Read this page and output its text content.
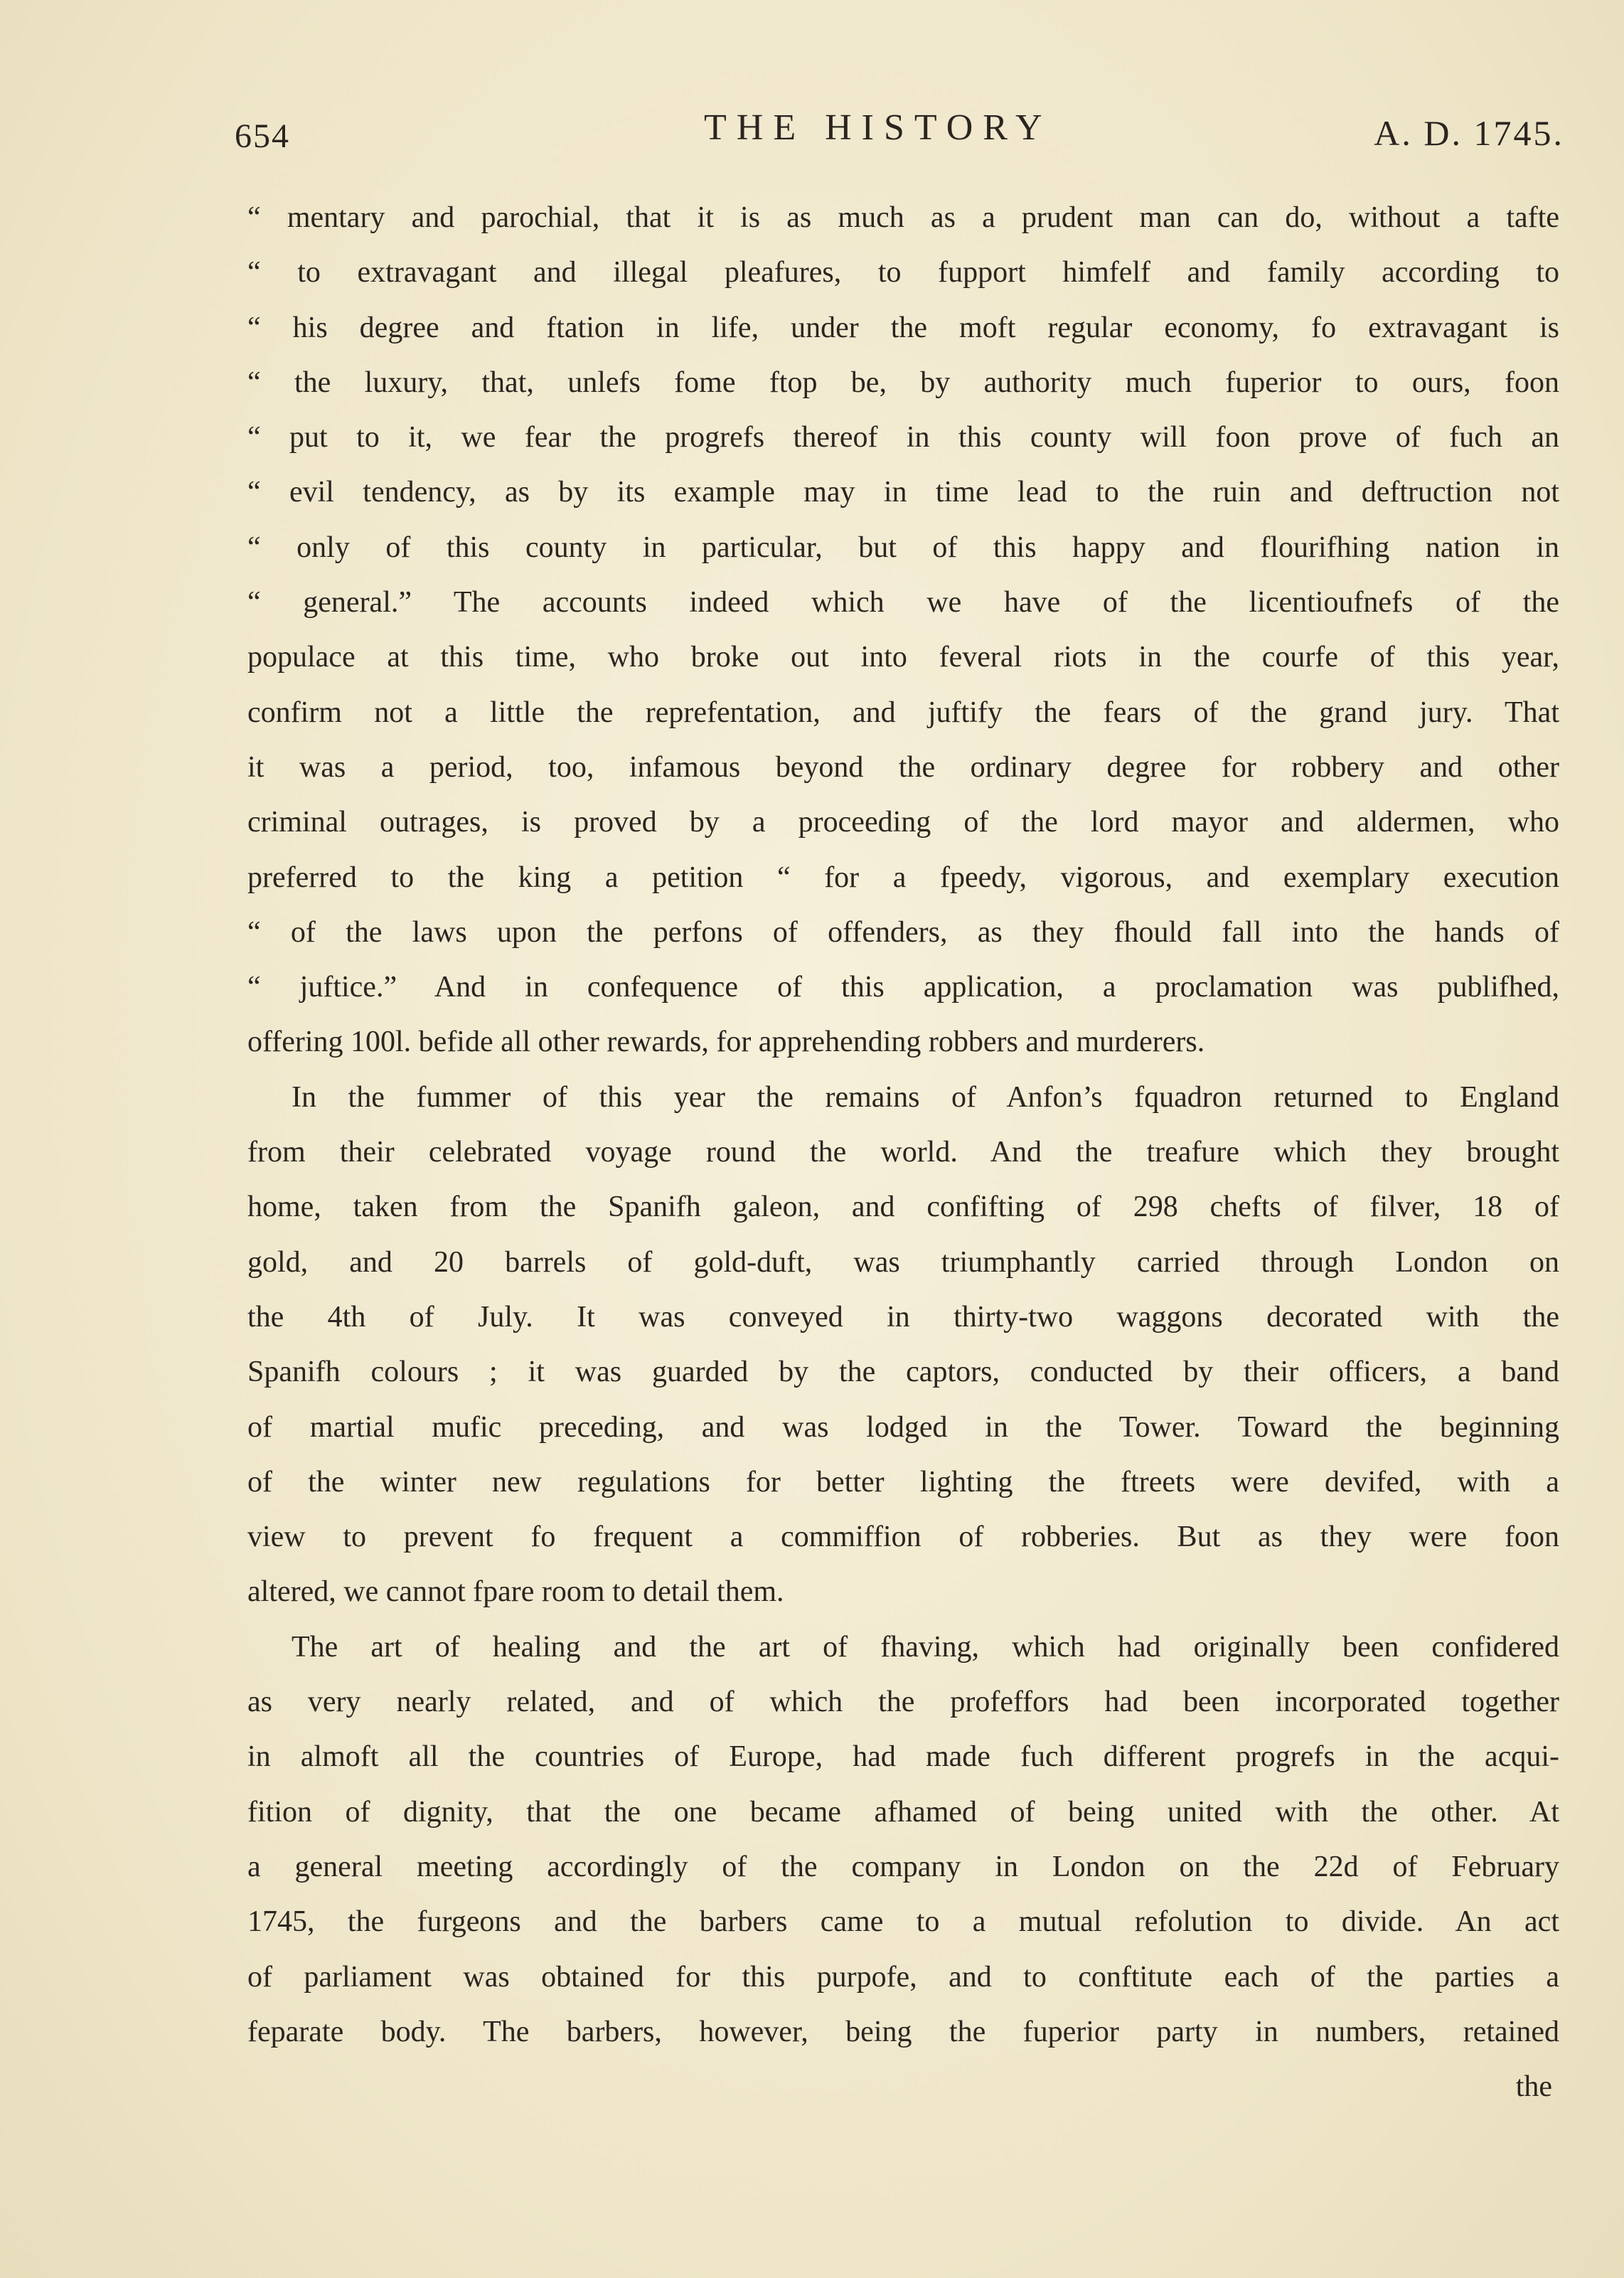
654	THE HISTORY	A. D. 1745.
“ mentary and parochial, that it is as much as a prudent man can do, without a tafte
“ to extravagant and illegal pleafures, to fupport himfelf and family according to
“ his degree and ftation in life, under the moft regular economy, fo extravagant is
“ the luxury, that, unlefs fome ftop be, by authority much fuperior to ours, foon
“ put to it, we fear the progrefs thereof in this county will foon prove of fuch an
“ evil tendency, as by its example may in time lead to the ruin and deftruction not
“ only of this county in particular, but of this happy and flourifhing nation in
“ general.” The accounts indeed which we have of the licentioufnefs of the
populace at this time, who broke out into feveral riots in the courfe of this year,
confirm not a little the reprefentation, and juftify the fears of the grand jury. That
it was a period, too, infamous beyond the ordinary degree for robbery and other
criminal outrages, is proved by a proceeding of the lord mayor and aldermen, who
preferred to the king a petition “ for a fpeedy, vigorous, and exemplary execution
“ of the laws upon the perfons of offenders, as they fhould fall into the hands of
“ juftice.” And in confequence of this application, a proclamation was publifhed,
offering 100l. befide all other rewards, for apprehending robbers and murderers.
In the fummer of this year the remains of Anfon’s fquadron returned to England
from their celebrated voyage round the world. And the treafure which they brought
home, taken from the Spanifh galeon, and confifting of 298 chefts of filver, 18 of
gold, and 20 barrels of gold-duft, was triumphantly carried through London on
the 4th of July. It was conveyed in thirty-two waggons decorated with the
Spanifh colours ; it was guarded by the captors, conducted by their officers, a band
of martial mufic preceding, and was lodged in the Tower. Toward the beginning
of the winter new regulations for better lighting the ftreets were devifed, with a
view to prevent fo frequent a commiffion of robberies. But as they were foon
altered, we cannot fpare room to detail them.
The art of healing and the art of fhaving, which had originally been confidered
as very nearly related, and of which the profeffors had been incorporated together
in almoft all the countries of Europe, had made fuch different progrefs in the acqui-
fition of dignity, that the one became afhamed of being united with the other. At
a general meeting accordingly of the company in London on the 22d of February
1745, the furgeons and the barbers came to a mutual refolution to divide. An act
of parliament was obtained for this purpofe, and to conftitute each of the parties a
feparate body. The barbers, however, being the fuperior party in numbers, retained
the
